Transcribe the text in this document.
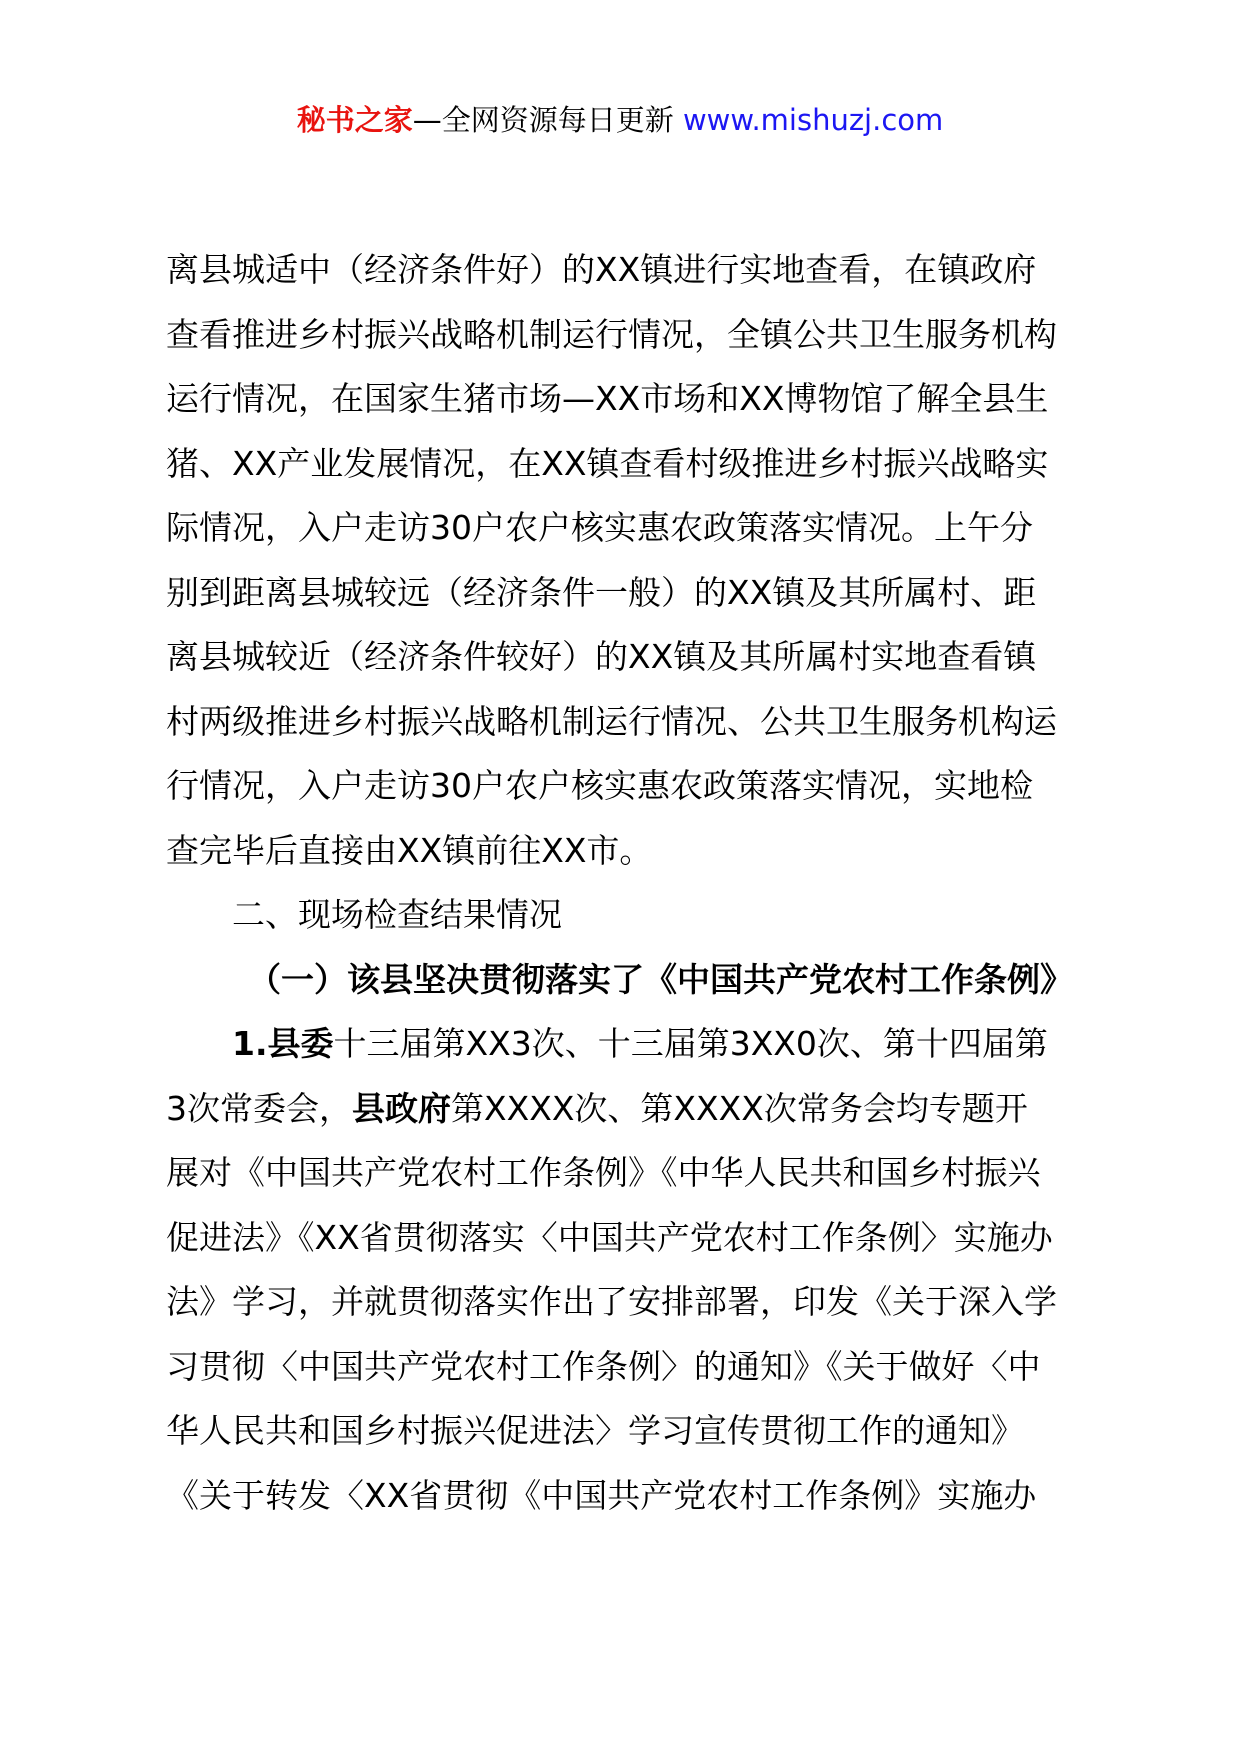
秘书之家—全网资源每日更新 www.mishuzj.com
离县城适中（经济条件好）的XX镇进行实地查看，在镇政府
查看推进乡村振兴战略机制运行情况，全镇公共卫生服务机构
运行情况，在国家生猪市场—XX市场和XX博物馆了解全县生
猪、XX产业发展情况，在XX镇查看村级推进乡村振兴战略实
际情况，入户走访30户农户核实惠农政策落实情况。上午分
别到距离县城较远（经济条件一般）的XX镇及其所属村、距
离县城较近（经济条件较好）的XX镇及其所属村实地查看镇
村两级推进乡村振兴战略机制运行情况、公共卫生服务机构运
行情况，入户走访30户农户核实惠农政策落实情况，实地检
查完毕后直接由XX镇前往XX市。
二、现场检查结果情况
（一）该县坚决贯彻落实了《中国共产党农村工作条例》
1.县委十三届第XX3次、十三届第3XX0次、第十四届第
3次常委会，县政府第XXXX次、第XXXX次常务会均专题开
展对《中国共产党农村工作条例》《中华人民共和国乡村振兴
促进法》《XX省贯彻落实〈中国共产党农村工作条例〉实施办
法》学习，并就贯彻落实作出了安排部署，印发《关于深入学
习贯彻〈中国共产党农村工作条例〉的通知》《关于做好〈中
华人民共和国乡村振兴促进法〉学习宣传贯彻工作的通知》
《关于转发〈XX省贯彻《中国共产党农村工作条例》实施办
